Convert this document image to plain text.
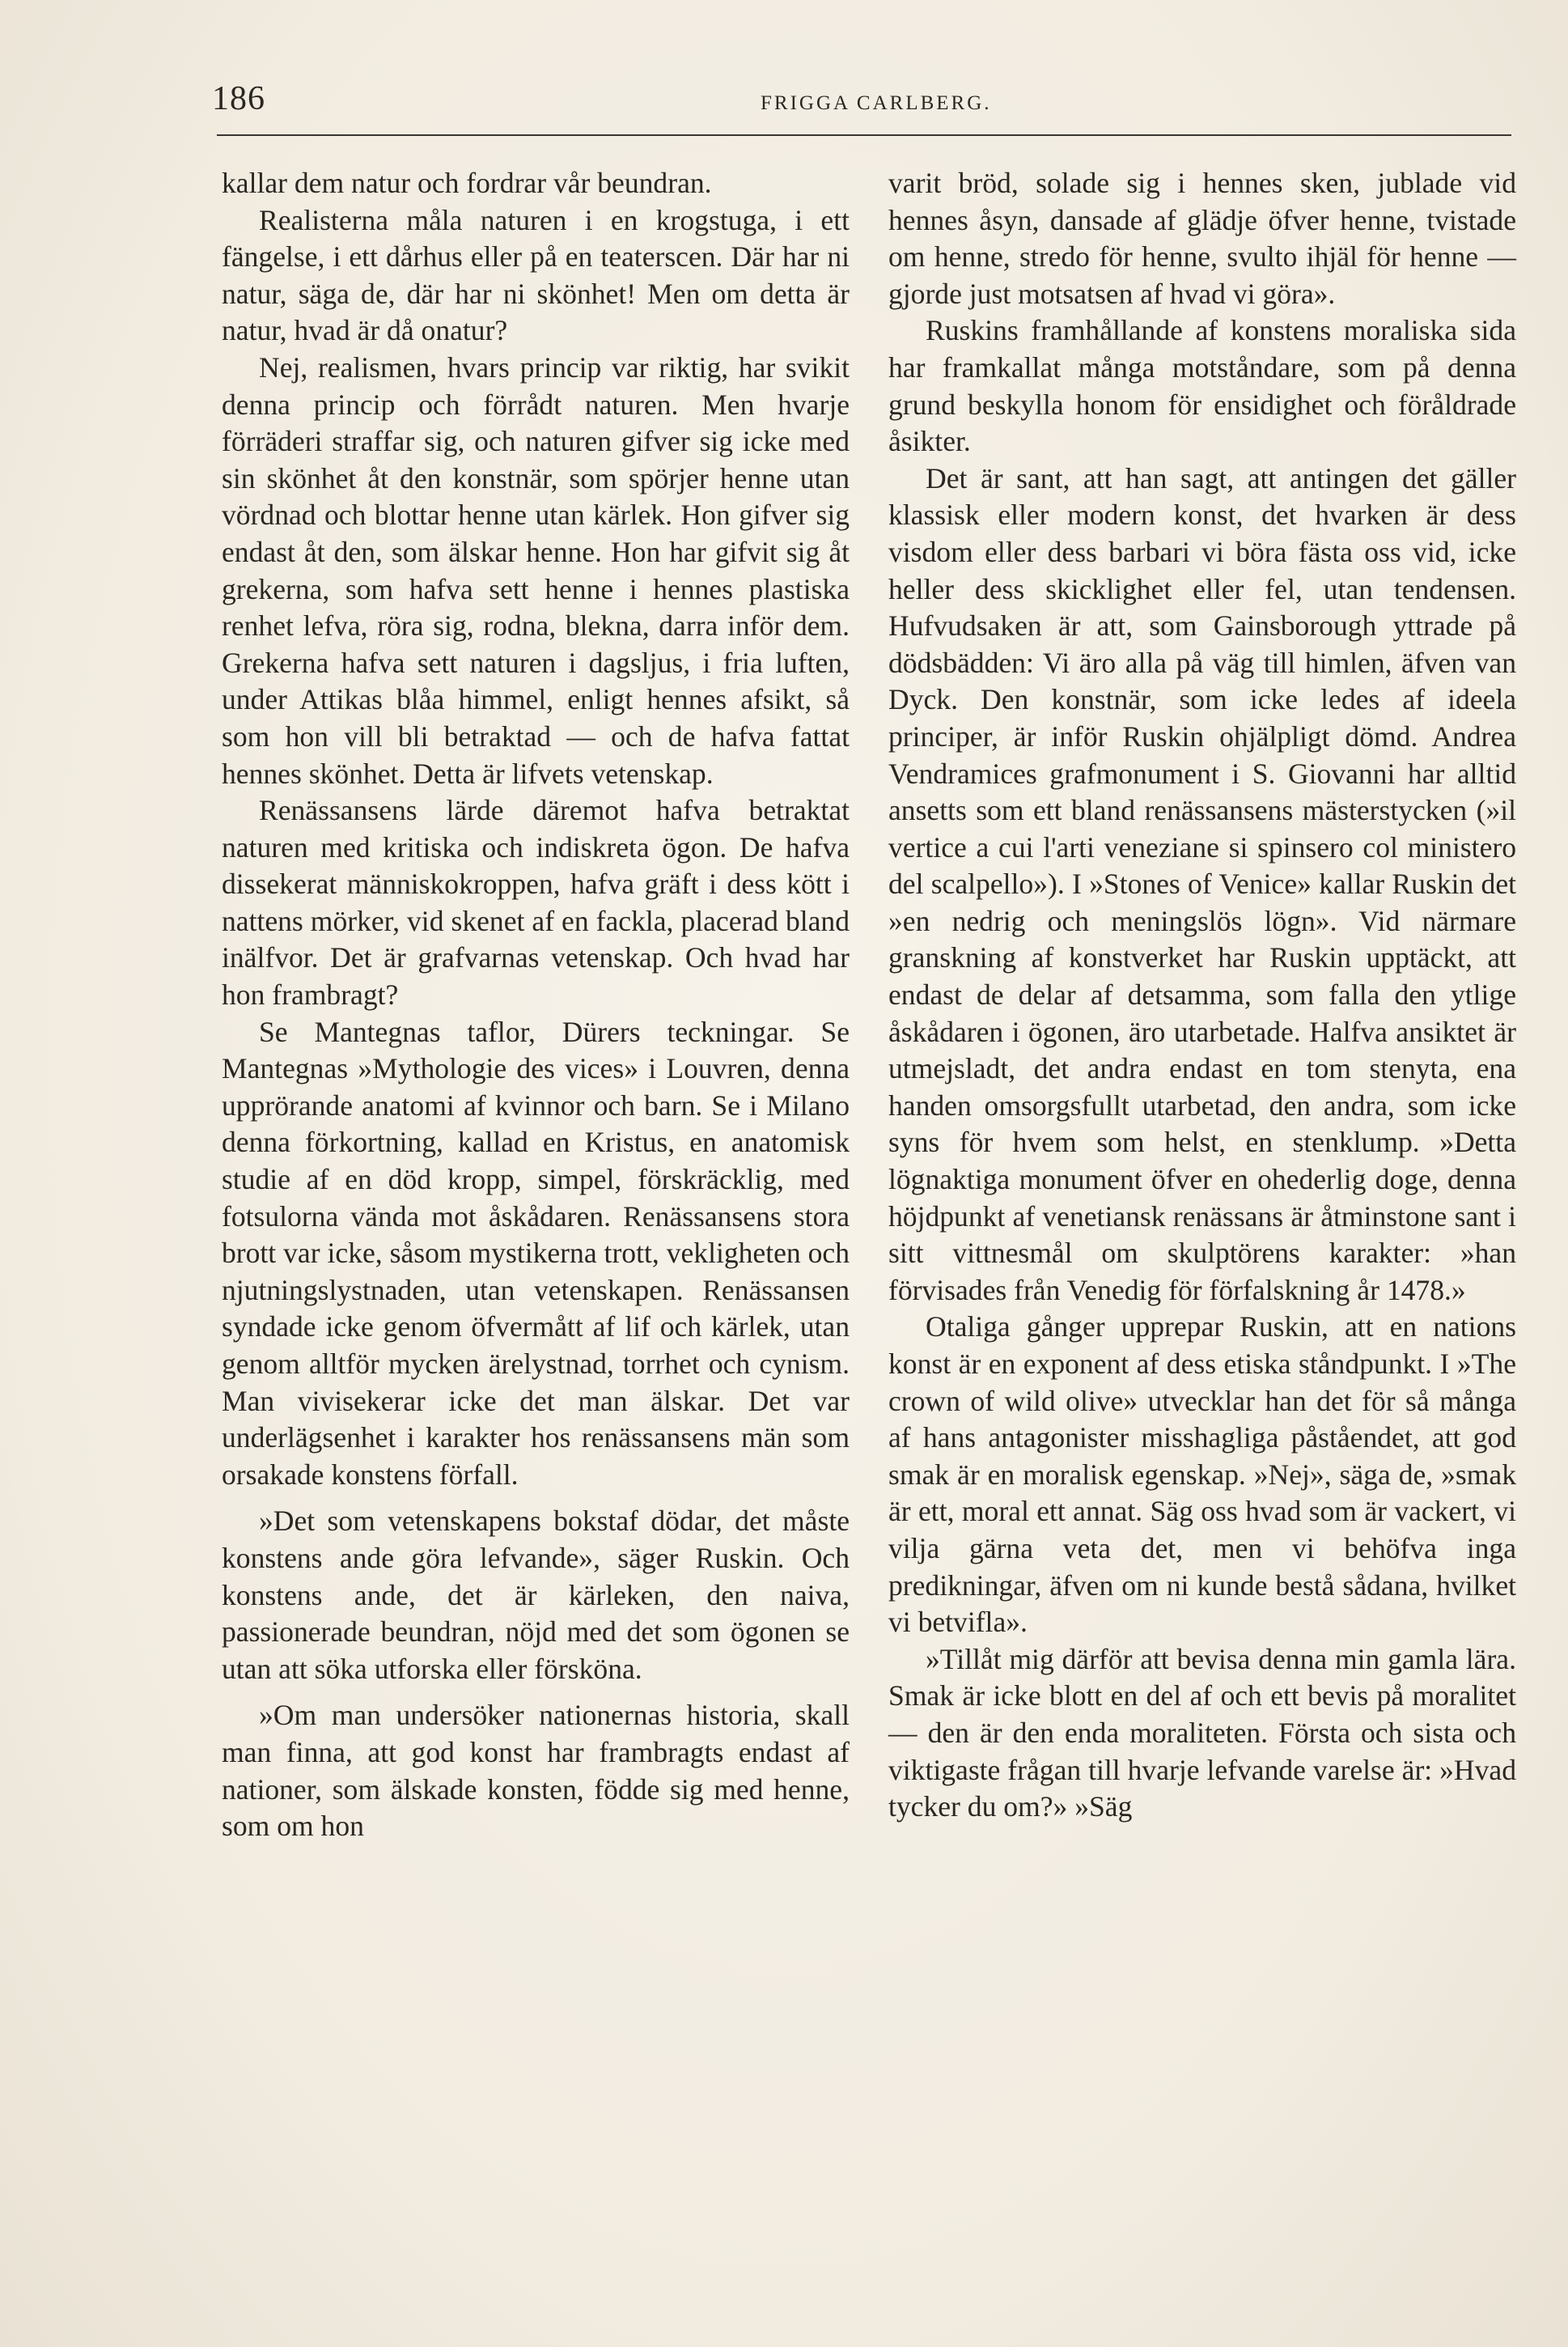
186	FRIGGA CARLBERG.

kallar dem natur och fordrar vår beundran.

Realisterna måla naturen i en krogstuga, i ett fängelse, i ett dårhus eller på en teaterscen. Där har ni natur, säga de, där har ni skönhet! Men om detta är natur, hvad är då onatur?

Nej, realismen, hvars princip var riktig, har svikit denna princip och förrådt naturen. Men hvarje förräderi straffar sig, och naturen gifver sig icke med sin skönhet åt den konstnär, som spörjer henne utan vördnad och blottar henne utan kärlek. Hon gifver sig endast åt den, som älskar henne. Hon har gifvit sig åt grekerna, som hafva sett henne i hennes plastiska renhet lefva, röra sig, rodna, blekna, darra inför dem. Grekerna hafva sett naturen i dagsljus, i fria luften, under Attikas blåa himmel, enligt hennes afsikt, så som hon vill bli betraktad — och de hafva fattat hennes skönhet. Detta är lifvets vetenskap.

Renässansens lärde däremot hafva betraktat naturen med kritiska och indiskreta ögon. De hafva dissekerat människokroppen, hafva gräft i dess kött i nattens mörker, vid skenet af en fackla, placerad bland inälfvor. Det är grafvarnas vetenskap. Och hvad har hon frambragt?

Se Mantegnas taflor, Dürers teckningar. Se Mantegnas »Mythologie des vices» i Louvren, denna upprörande anatomi af kvinnor och barn. Se i Milano denna förkortning, kallad en Kristus, en anatomisk studie af en död kropp, simpel, förskräcklig, med fotsulorna vända mot åskådaren. Renässansens stora brott var icke, såsom mystikerna trott, vekligheten och njutningslystnaden, utan vetenskapen. Renässansen syndade icke genom öfvermått af lif och kärlek, utan genom alltför mycken ärelystnad, torrhet och cynism. Man vivisekerar icke det man älskar. Det var underlägsenhet i karakter hos renässansens män som orsakade konstens förfall.

»Det som vetenskapens bokstaf dödar, det måste konstens ande göra lefvande», säger Ruskin. Och konstens ande, det är kärleken, den naiva, passionerade beundran, nöjd med det som ögonen se utan att söka utforska eller försköna.

»Om man undersöker nationernas historia, skall man finna, att god konst har frambragts endast af nationer, som älskade konsten, födde sig med henne, som om hon

varit bröd, solade sig i hennes sken, jublade vid hennes åsyn, dansade af glädje öfver henne, tvistade om henne, stredo för henne, svulto ihjäl för henne — gjorde just motsatsen af hvad vi göra».

Ruskins framhållande af konstens moraliska sida har framkallat många motståndare, som på denna grund beskylla honom för ensidighet och föråldrade åsikter.

Det är sant, att han sagt, att antingen det gäller klassisk eller modern konst, det hvarken är dess visdom eller dess barbari vi böra fästa oss vid, icke heller dess skicklighet eller fel, utan tendensen. Hufvudsaken är att, som Gainsborough yttrade på dödsbädden: Vi äro alla på väg till himlen, äfven van Dyck. Den konstnär, som icke ledes af ideela principer, är inför Ruskin ohjälpligt dömd. Andrea Vendramices grafmonument i S. Giovanni har alltid ansetts som ett bland renässansens mästerstycken (»il vertice a cui l'arti veneziane si spinsero col ministero del scalpello»). I »Stones of Venice» kallar Ruskin det »en nedrig och meningslös lögn». Vid närmare granskning af konstverket har Ruskin upptäckt, att endast de delar af detsamma, som falla den ytlige åskådaren i ögonen, äro utarbetade. Halfva ansiktet är utmejsladt, det andra endast en tom stenyta, ena handen omsorgsfullt utarbetad, den andra, som icke syns för hvem som helst, en stenklump. »Detta lögnaktiga monument öfver en ohederlig doge, denna höjdpunkt af venetiansk renässans är åtminstone sant i sitt vittnesmål om skulptörens karakter: »han förvisades från Venedig för förfalskning år 1478.»

Otaliga gånger upprepar Ruskin, att en nations konst är en exponent af dess etiska ståndpunkt. I »The crown of wild olive» utvecklar han det för så många af hans antagonister misshagliga påståendet, att god smak är en moralisk egenskap. »Nej», säga de, »smak är ett, moral ett annat. Säg oss hvad som är vackert, vi vilja gärna veta det, men vi behöfva inga predikningar, äfven om ni kunde bestå sådana, hvilket vi betvifla».

»Tillåt mig därför att bevisa denna min gamla lära. Smak är icke blott en del af och ett bevis på moralitet — den är den enda moraliteten. Första och sista och viktigaste frågan till hvarje lefvande varelse är: »Hvad tycker du om?» »Säg
